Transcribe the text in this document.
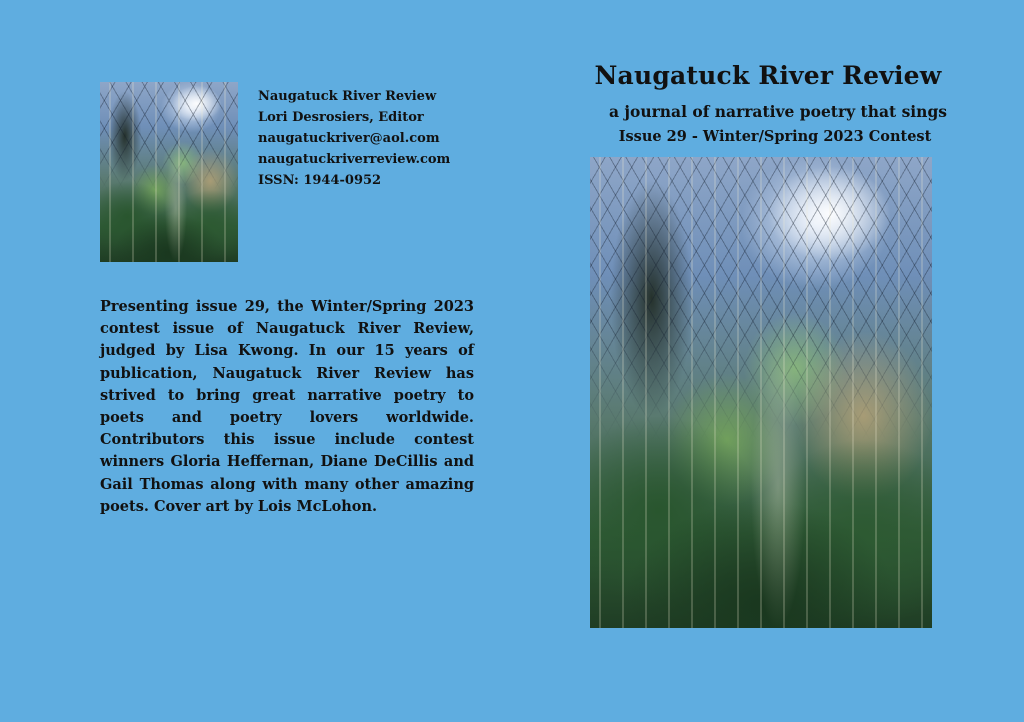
Naugatuck River Review
Lori Desrosiers, Editor
naugatuckriver@aol.com
naugatuckriverreview.com
ISSN: 1944-0952

Presenting issue 29, the Winter/Spring 2023 contest issue of Naugatuck River Review, judged by Lisa Kwong. In our 15 years of publication, Naugatuck River Review has strived to bring great narrative poetry to poets and poetry lovers worldwide. Contributors this issue include contest winners Gloria Heffernan, Diane DeCillis and Gail Thomas along with many other amazing poets. Cover art by Lois McLohon.

Naugatuck River Review

a journal of narrative poetry that sings

Issue 29 - Winter/Spring 2023 Contest
